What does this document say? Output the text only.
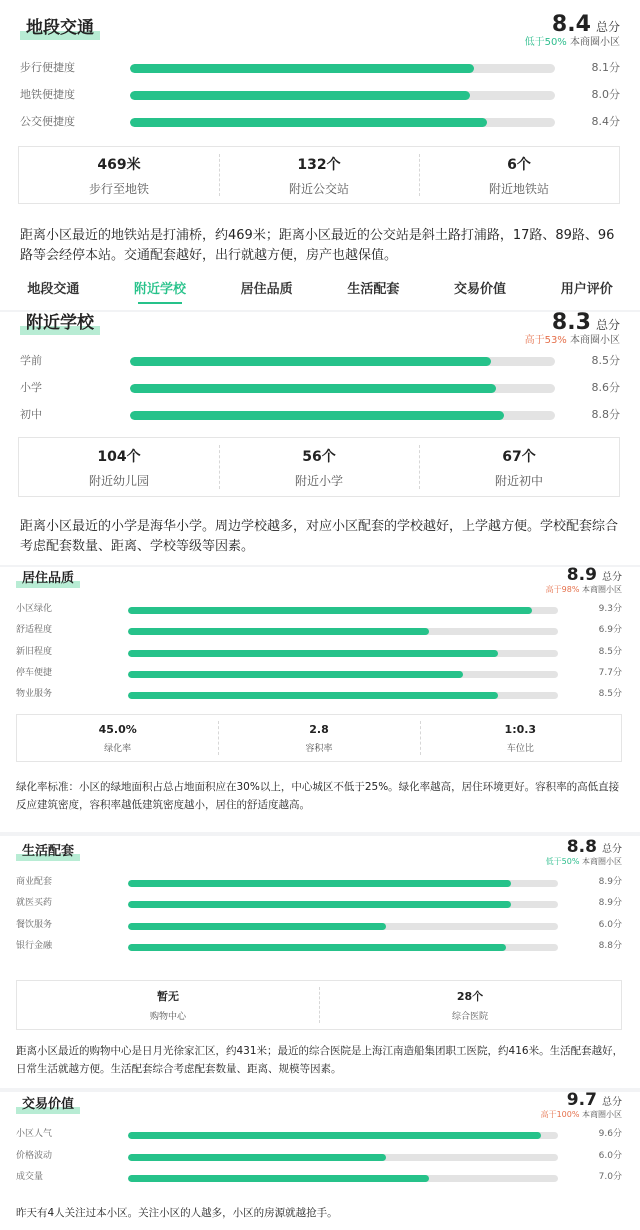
地段交通	8.4 总分
低于50% 本商圈小区
步行便捷度	8.1分
地铁便捷度	8.0分
公交便捷度	8.4分
469米
步行至地铁
132个
附近公交站
6个
附近地铁站
距离小区最近的地铁站是打浦桥，约469米；距离小区最近的公交站是斜土路打浦路，17路、89路、96路等会经停本站。交通配套越好，出行就越方便，房产也越保值。
地段交通	附近学校	居住品质	生活配套	交易价值	用户评价
附近学校	8.3 总分
高于53% 本商圈小区
学前	8.5分
小学	8.6分
初中	8.8分
104个
附近幼儿园
56个
附近小学
67个
附近初中
距离小区最近的小学是海华小学。周边学校越多，对应小区配套的学校越好，上学越方便。学校配套综合考虑配套数量、距离、学校等级等因素。
居住品质	8.9 总分
高于98% 本商圈小区
小区绿化	9.3分
舒适程度	6.9分
新旧程度	8.5分
停车便捷	7.7分
物业服务	8.5分
45.0%
绿化率
2.8
容积率
1:0.3
车位比
绿化率标准：小区的绿地面积占总占地面积应在30%以上，中心城区不低于25%。绿化率越高，居住环境更好。容积率的高低直接反应建筑密度，容积率越低建筑密度越小，居住的舒适度越高。
生活配套	8.8 总分
低于50% 本商圈小区
商业配套	8.9分
就医买药	8.9分
餐饮服务	6.0分
银行金融	8.8分
暂无
购物中心
28个
综合医院
距离小区最近的购物中心是日月光徐家汇区，约431米；最近的综合医院是上海江南造船集团职工医院，约416米。生活配套越好，日常生活就越方便。生活配套综合考虑配套数量、距离、规模等因素。
交易价值	9.7 总分
高于100% 本商圈小区
小区人气	9.6分
价格波动	6.0分
成交量	7.0分
昨天有4人关注过本小区。关注小区的人越多，小区的房源就越抢手。
